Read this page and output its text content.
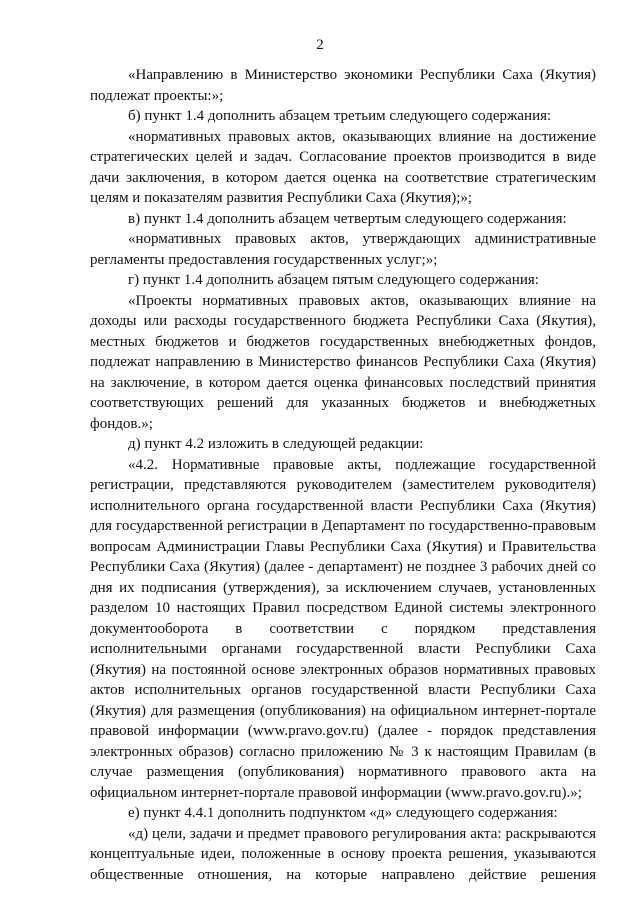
2
«Направлению в Министерство экономики Республики Саха (Якутия)
подлежат проекты:»;
б) пункт 1.4 дополнить абзацем третьим следующего содержания:
«нормативных правовых актов, оказывающих влияние на достижение
стратегических целей и задач. Согласование проектов производится в виде
дачи заключения, в котором дается оценка на соответствие стратегическим
целям и показателям развития Республики Саха (Якутия);»;
в) пункт 1.4 дополнить абзацем четвертым следующего содержания:
«нормативных правовых актов, утверждающих административные
регламенты предоставления государственных услуг;»;
г) пункт 1.4 дополнить абзацем пятым следующего содержания:
«Проекты нормативных правовых актов, оказывающих влияние на
доходы или расходы государственного бюджета Республики Саха (Якутия),
местных бюджетов и бюджетов государственных внебюджетных фондов,
подлежат направлению в Министерство финансов Республики Саха (Якутия)
на заключение, в котором дается оценка финансовых последствий принятия
соответствующих решений для указанных бюджетов и внебюджетных
фондов.»;
д) пункт 4.2 изложить в следующей редакции:
«4.2. Нормативные правовые акты, подлежащие государственной
регистрации, представляются руководителем (заместителем руководителя)
исполнительного органа государственной власти Республики Саха (Якутия)
для государственной регистрации в Департамент по государственно-правовым
вопросам Администрации Главы Республики Саха (Якутия) и Правительства
Республики Саха (Якутия) (далее - департамент) не позднее 3 рабочих дней со
дня их подписания (утверждения), за исключением случаев, установленных
разделом 10 настоящих Правил посредством Единой системы электронного
документооборота в соответствии с порядком представления
исполнительными органами государственной власти Республики Саха
(Якутия) на постоянной основе электронных образов нормативных правовых
актов исполнительных органов государственной власти Республики Саха
(Якутия) для размещения (опубликования) на официальном интернет-портале
правовой информации (www.pravo.gov.ru) (далее - порядок представления
электронных образов) согласно приложению № 3 к настоящим Правилам (в
случае размещения (опубликования) нормативного правового акта на
официальном интернет-портале правовой информации (www.pravo.gov.ru).»;
е) пункт 4.4.1 дополнить подпунктом «д» следующего содержания:
«д) цели, задачи и предмет правового регулирования акта: раскрываются
концептуальные идеи, положенные в основу проекта решения, указываются
общественные отношения, на которые направлено действие решения
